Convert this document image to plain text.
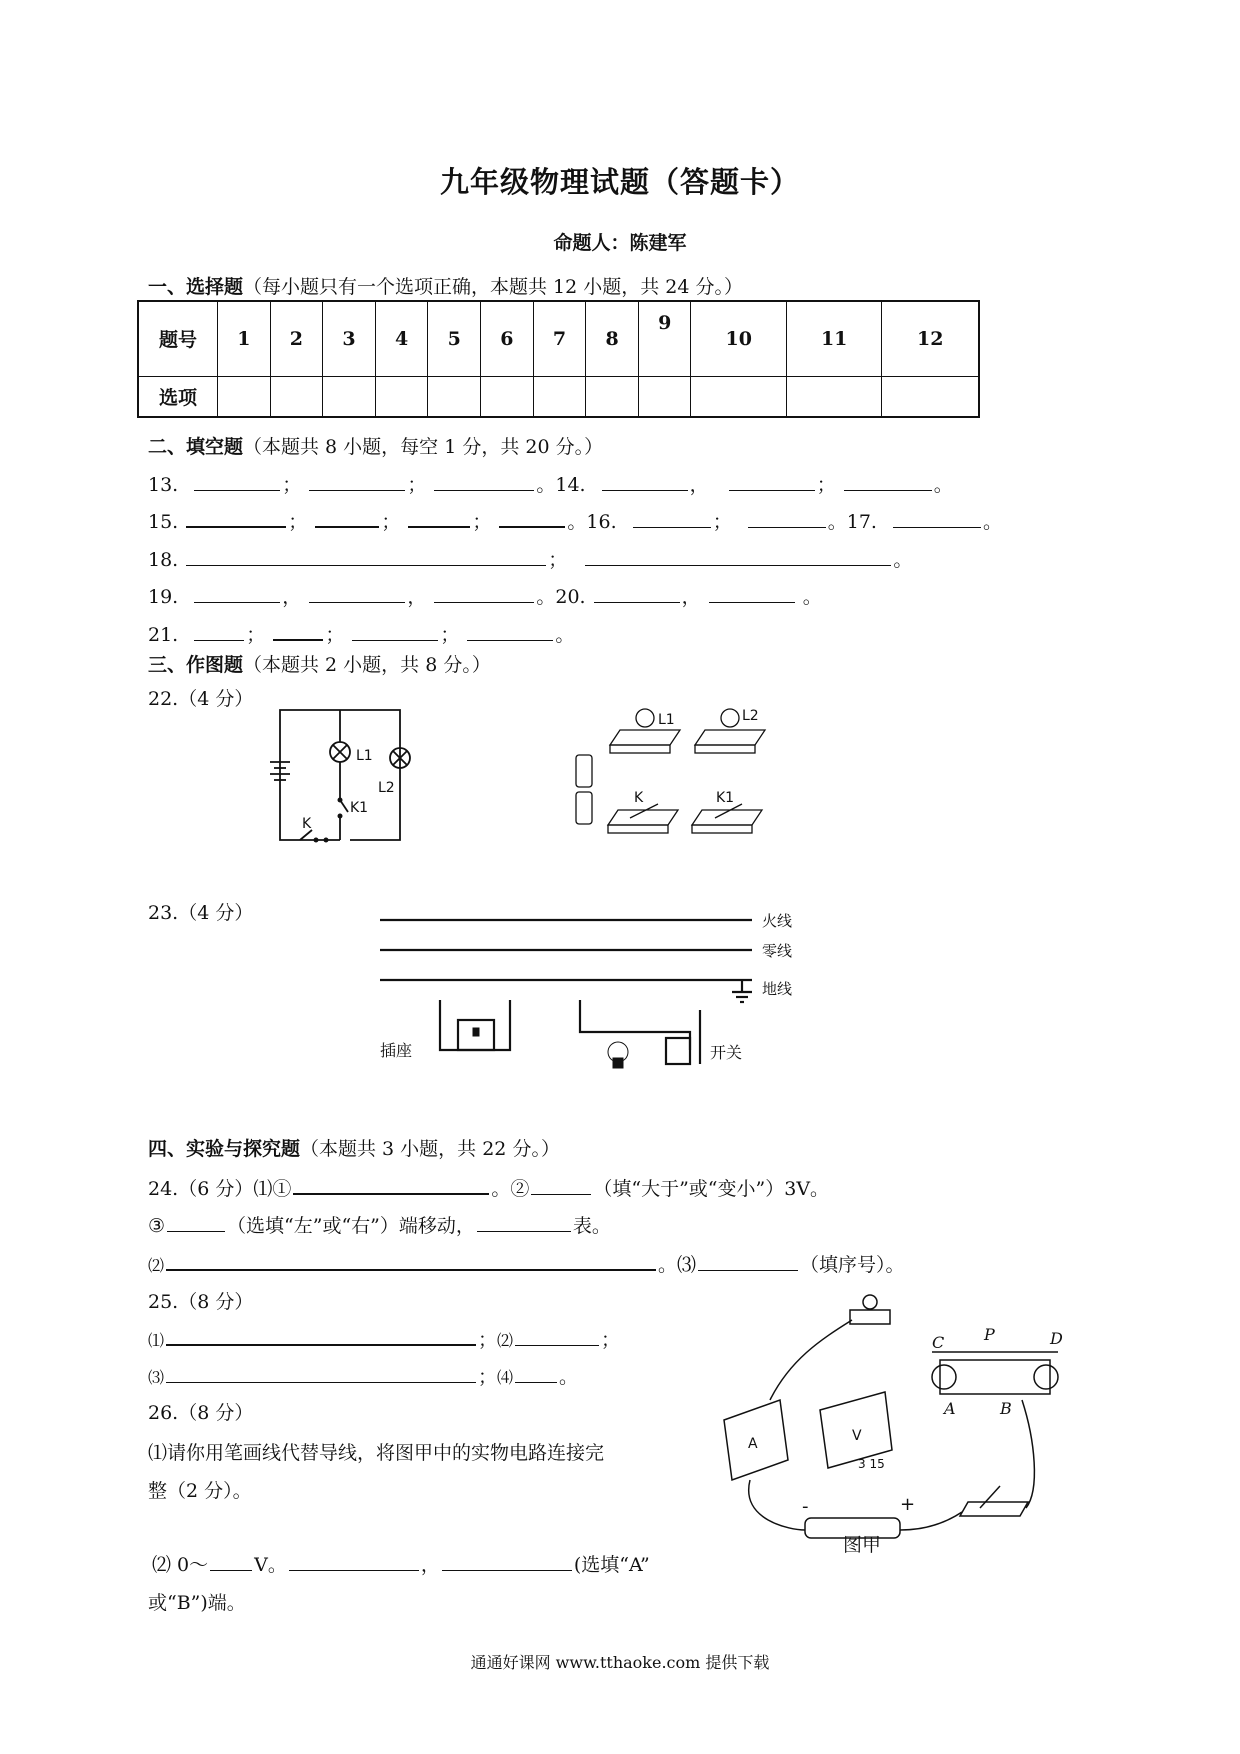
九年级物理试题（答题卡）
命题人：陈建军
一、选择题（每小题只有一个选项正确，本题共 12 小题，共 24 分。）
题号	1	2	3	4	5	6	7	8	9	10	11	12
选项												
二、填空题（本题共 8 小题，每空 1 分，共 20 分。）
13.	；	；	。14.	，	；	。
15.	；	；	；	。16.	；	。17.	。
18.	；	。
19.	，	，	。20.	，	。
21.	；	；	；	。
三、作图题（本题共 2 小题，共 8 分。）
22.（4 分）
L1
L2
K1
K
L1	L2
K	K1
23.（4 分）	火线
零线
地线
插座	开关
四、实验与探究题（本题共 3 小题，共 22 分。）
24.（6 分）⑴①	。②	（填“大于”或“变小”）3V。
③	（选填“左”或“右”）端移动，	表。
⑵	。⑶	（填序号）。
25.（8 分）
⑴	；⑵	；
⑶	；⑷ 。
26.（8 分）
⑴请你用笔画线代替导线，将图甲中的实物电路连接完
整（2 分）。
⑵ 0～ V。	，	(选填“A”
或“B”)端。
A	V
3 15
C P	D
A	B
-	+
图甲
通通好课网 www.tthaoke.com 提供下载
